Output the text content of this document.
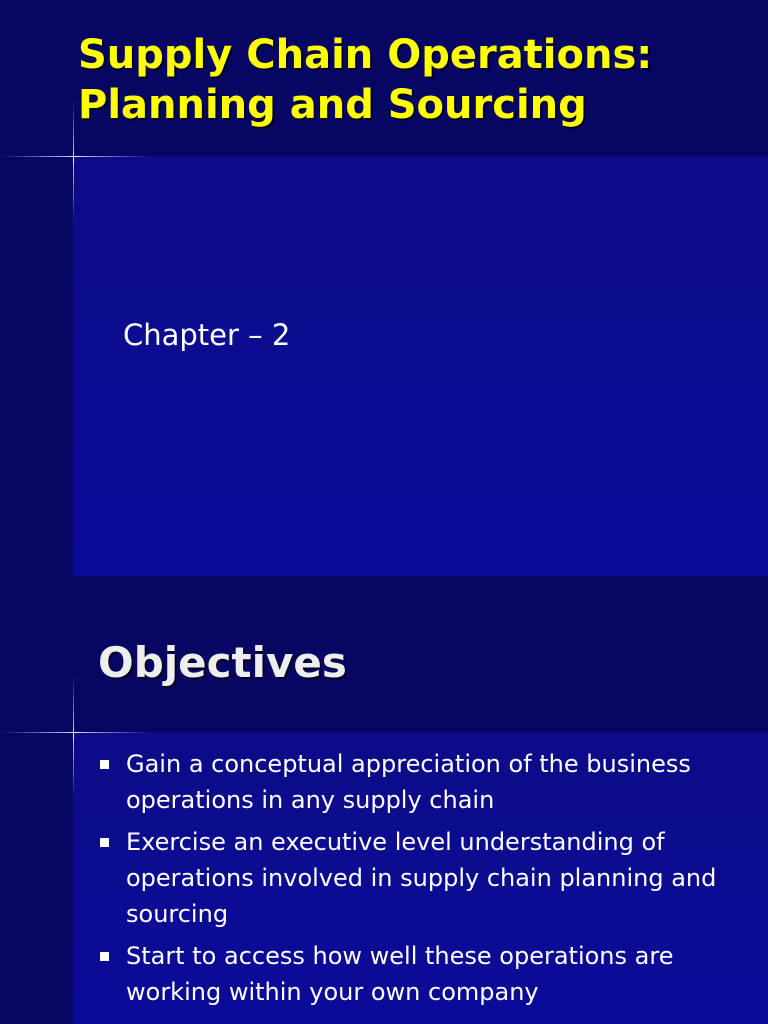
Supply Chain Operations:
Planning and Sourcing

Chapter – 2

Objectives
Gain a conceptual appreciation of the business operations in any supply chain
Exercise an executive level understanding of operations involved in supply chain planning and sourcing
Start to access how well these operations are working within your own company
